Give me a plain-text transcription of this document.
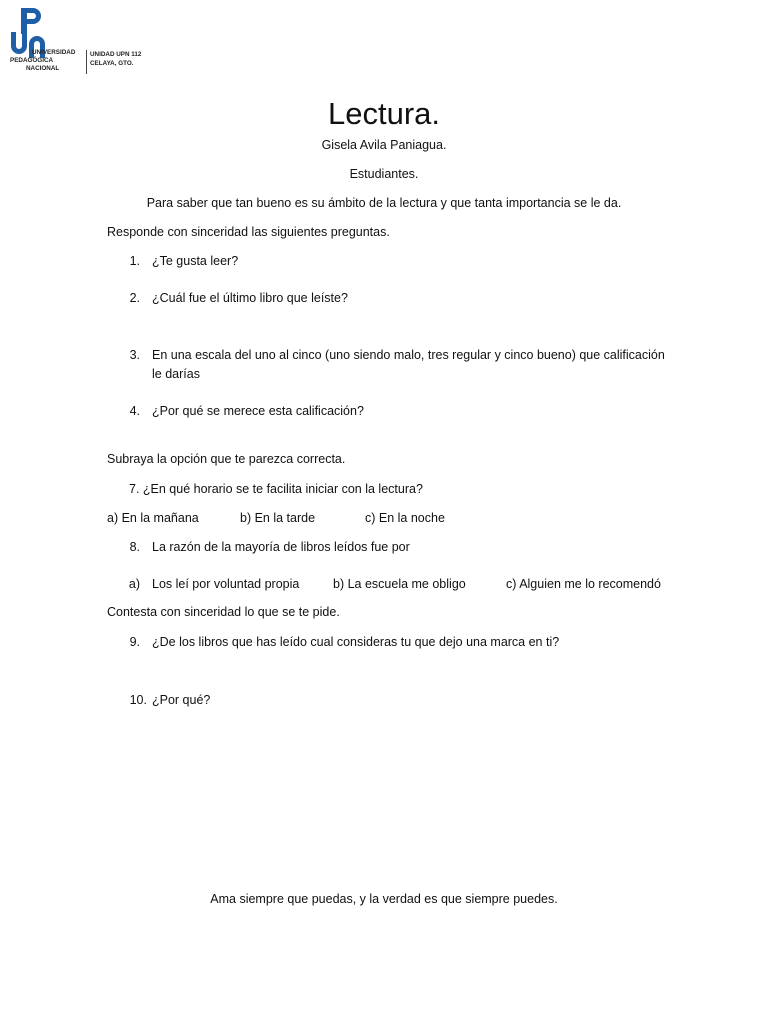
UNIVERSIDAD
PEDAGÓGICA
NACIONAL
UNIDAD UPN 112
CELAYA, GTO.
Lectura.
Gisela Avila Paniagua.
Estudiantes.
Para saber que tan bueno es su ámbito de la lectura y que tanta importancia se le da.
Responde con sinceridad las siguientes preguntas.
1. ¿Te gusta leer?
2. ¿Cuál fue el último libro que leíste?
3. En una escala del uno al cinco (uno siendo malo, tres regular y cinco bueno) que calificación
le darías
4. ¿Por qué se merece esta calificación?
Subraya la opción que te parezca correcta.
7. ¿En qué horario se te facilita iniciar con la lectura?
a) En la mañana	b) En la tarde	c) En la noche
8. La razón de la mayoría de libros leídos fue por
a) Los leí por voluntad propia	b) La escuela me obligo	c) Alguien me lo recomendó
Contesta con sinceridad lo que se te pide.
9. ¿De los libros que has leído cual consideras tu que dejo una marca en ti?
10. ¿Por qué?
Ama siempre que puedas, y la verdad es que siempre puedes.
